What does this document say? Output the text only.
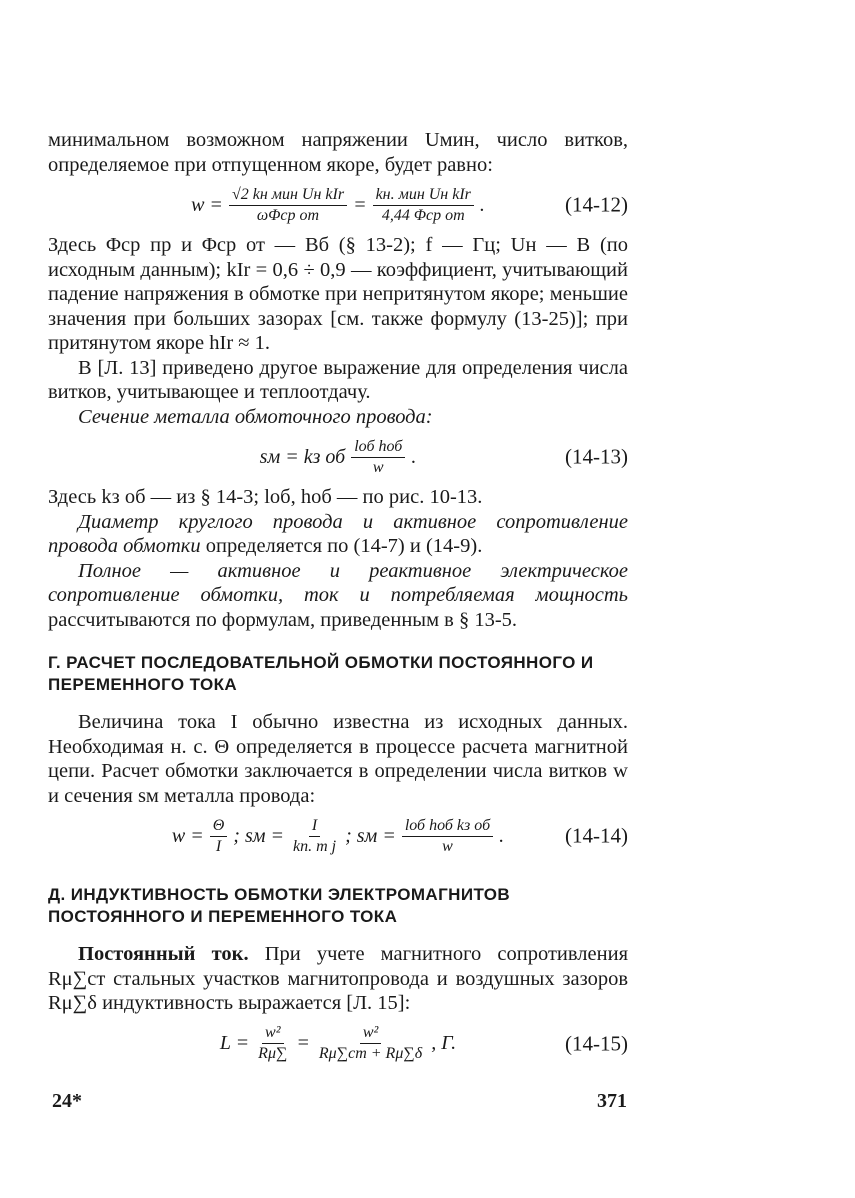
минимальном возможном напряжении Uмин, число витков, определяемое при отпущенном якоре, будет равно:

$w = \frac{\text{√2 kн мин Uн kIr}}{\text{ωΦср от}} = \frac{\text{kн. мин Uн kIr}}{\text{4,44 Φср от}}$ .	(14-12)

Здесь Φср пр и Φср от — Вб (§ 13-2); f — Гц; Uн — В (по исходным данным); kIr = 0,6 ÷ 0,9 — коэффициент, учитывающий падение напряжения в обмотке при непритянутом якоре; меньшие значения при больших зазорах [см. также формулу (13-25)]; при притянутом якоре hIr ≈ 1.

В [Л. 13] приведено другое выражение для определения числа витков, учитывающее и теплоотдачу.

Сечение металла обмоточного провода:

sм = kз об $\frac{\text{lоб hоб}}{w}$ .	(14-13)

Здесь kз об — из § 14-3; lоб, hоб — по рис. 10-13.

Диаметр круглого провода и активное сопротивление провода обмотки определяется по (14-7) и (14-9).

Полное — активное и реактивное электрическое сопротивление обмотки, ток и потребляемая мощность рассчитываются по формулам, приведенным в § 13-5.

Г. РАСЧЕТ ПОСЛЕДОВАТЕЛЬНОЙ ОБМОТКИ ПОСТОЯННОГО И ПЕРЕМЕННОГО ТОКА

Величина тока I обычно известна из исходных данных. Необходимая н. с. Θ определяется в процессе расчета магнитной цепи. Расчет обмотки заключается в определении числа витков w и сечения sм металла провода:

$w = \frac{\Theta}{I}$ ; sм = $\frac{I}{\text{kп. т j}}$ ; sм = $\frac{\text{lоб hоб kз об}}{w}$ .	(14-14)
Д. ИНДУКТИВНОСТЬ ОБМОТКИ ЭЛЕКТРОМАГНИТОВ ПОСТОЯННОГО И ПЕРЕМЕННОГО ТОКА

Постоянный ток. При учете магнитного сопротивления Rμ∑ст стальных участков магнитопровода и воздушных зазоров Rμ∑δ индуктивность выражается [Л. 15]:

$L = \frac{\text{w²}}{R\mu\sum} = \frac{\text{w²}}{R\mu\sum ст + R\mu\sum\delta}$ , Г.	(14-15)
24*	371
